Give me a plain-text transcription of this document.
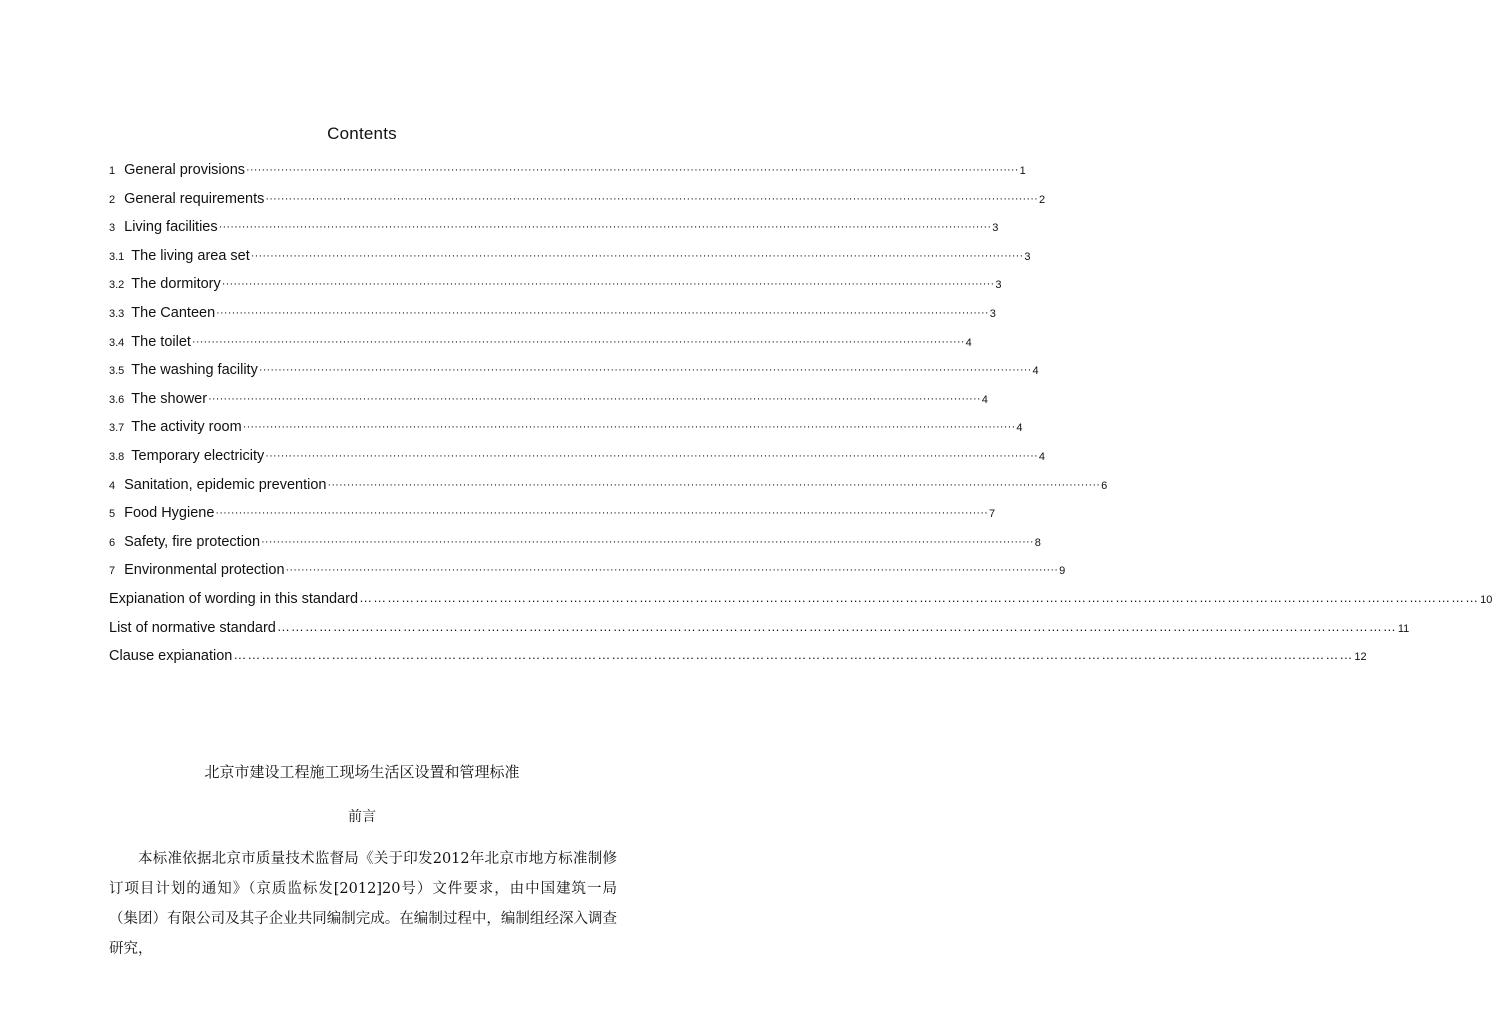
Contents
1 General provisions ········································································································································································································ 1
2 General requirements ········································································································································································································ 2
3 Living facilities ········································································································································································································ 3
3.1 The living area set ········································································································································································································ 3
3.2 The dormitory ········································································································································································································ 3
3.3 The Canteen ········································································································································································································ 3
3.4 The toilet ········································································································································································································ 4
3.5 The washing facility ········································································································································································································ 4
3.6 The shower ········································································································································································································ 4
3.7 The activity room ········································································································································································································ 4
3.8 Temporary electricity ········································································································································································································ 4
4 Sanitation, epidemic prevention ········································································································································································································ 6
5 Food Hygiene ········································································································································································································ 7
6 Safety, fire protection ········································································································································································································ 8
7 Environmental protection ········································································································································································································ 9
Expianation of wording in this standard …………………………………………………………………………………………………………………………………………………………………………………………………………………… 10
List of normative standard …………………………………………………………………………………………………………………………………………………………………………………………………………………… 11
Clause expianation …………………………………………………………………………………………………………………………………………………………………………………………………………………… 12
北京市建设工程施工现场生活区设置和管理标准
前言
本标准依据北京市质量技术监督局《关于印发2012年北京市地方标准制修订项目计划的通知》（京质监标发[2012]20号）文件要求，由中国建筑一局（集团）有限公司及其子企业共同编制完成。在编制过程中，编制组经深入调查研究，
